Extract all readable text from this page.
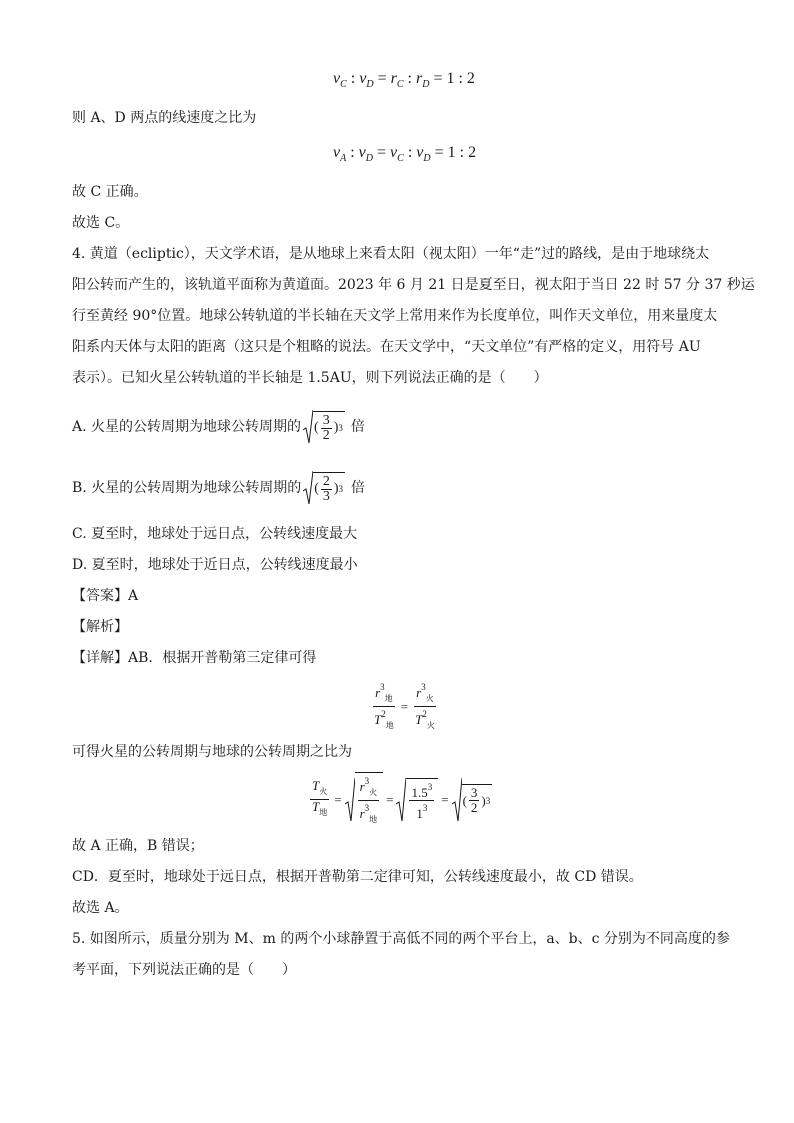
$v_C$ : $v_D = r_C$ : $r_D = 1$ : 2
则 A、D 两点的线速度之比为
$v_A$ : $v_D = v_C$ : $v_D = 1$ : 2
故 C 正确。
故选 C。
4. 黄道（ecliptic），天文学术语，是从地球上来看太阳（视太阳）一年“走”过的路线，是由于地球绕太
阳公转而产生的，该轨道平面称为黄道面。2023 年 6 月 21 日是夏至日，视太阳于当日 22 时 57 分 37 秒运
行至黄经 90°位置。地球公转轨道的半长轴在天文学上常用来作为长度单位，叫作天文单位，用来量度太
阳系内天体与太阳的距离（这只是个粗略的说法。在天文学中，“天文单位”有严格的定义，用符号 AU
表示）。已知火星公转轨道的半长轴是 1.5AU，则下列说法正确的是（　　）
A. 火星的公转周期为地球公转周期的 ( $\frac{3}{2}$ ) 3 倍
B. 火星的公转周期为地球公转周期的 ( $\frac{2}{3}$ ) 3 倍
C. 夏至时，地球处于远日点，公转线速度最大
D. 夏至时，地球处于近日点，公转线速度最小
【答案】A
【解析】
【详解】AB．根据开普勒第三定律可得
$\frac{r^3_地}{T^2_地} = \frac{r^3_火}{T^2_火}$
可得火星的公转周期与地球的公转周期之比为
$\frac{T_火}{T_地} = \frac{r^3_火}{r^3_地} = \frac{1.5^3}{1^3}$ = ( $\frac{3}{2}$ ) 3
故 A 正确，B 错误；
CD．夏至时，地球处于远日点，根据开普勒第二定律可知，公转线速度最小，故 CD 错误。
故选 A。
5. 如图所示，质量分别为 M、m 的两个小球静置于高低不同的两个平台上，a、b、c 分别为不同高度的参
考平面，下列说法正确的是（　　）
